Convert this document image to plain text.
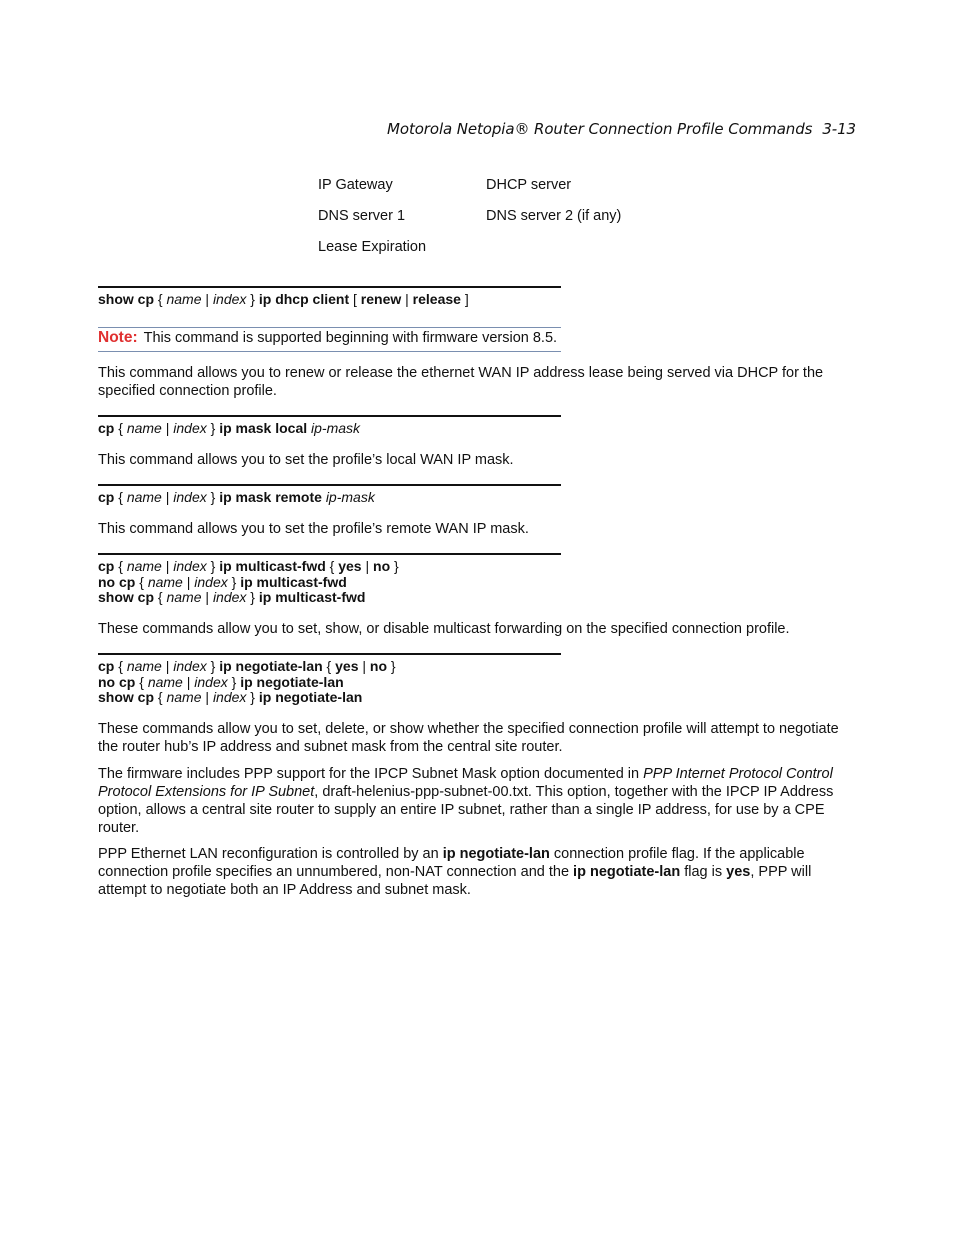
Motorola Netopia® Router Connection Profile Commands 3-13
IP Gateway	DHCP server
DNS server 1	DNS server 2 (if any)
Lease Expiration
show cp { name | index } ip dhcp client [ renew | release ]
Note: This command is supported beginning with firmware version 8.5.
This command allows you to renew or release the ethernet WAN IP address lease being served via DHCP for the specified connection profile.
cp { name | index } ip mask local ip-mask
This command allows you to set the profile’s local WAN IP mask.
cp { name | index } ip mask remote ip-mask
This command allows you to set the profile’s remote WAN IP mask.
cp { name | index } ip multicast-fwd { yes | no }
no cp { name | index } ip multicast-fwd
show cp { name | index } ip multicast-fwd
These commands allow you to set, show, or disable multicast forwarding on the specified connection profile.
cp { name | index } ip negotiate-lan { yes | no }
no cp { name | index } ip negotiate-lan
show cp { name | index } ip negotiate-lan
These commands allow you to set, delete, or show whether the specified connection profile will attempt to negotiate the router hub’s IP address and subnet mask from the central site router.
The firmware includes PPP support for the IPCP Subnet Mask option documented in PPP Internet Protocol Control Protocol Extensions for IP Subnet, draft-helenius-ppp-subnet-00.txt. This option, together with the IPCP IP Address option, allows a central site router to supply an entire IP subnet, rather than a single IP address, for use by a CPE router.
PPP Ethernet LAN reconfiguration is controlled by an ip negotiate-lan connection profile flag. If the applicable connection profile specifies an unnumbered, non-NAT connection and the ip negotiate-lan flag is yes, PPP will attempt to negotiate both an IP Address and subnet mask.
